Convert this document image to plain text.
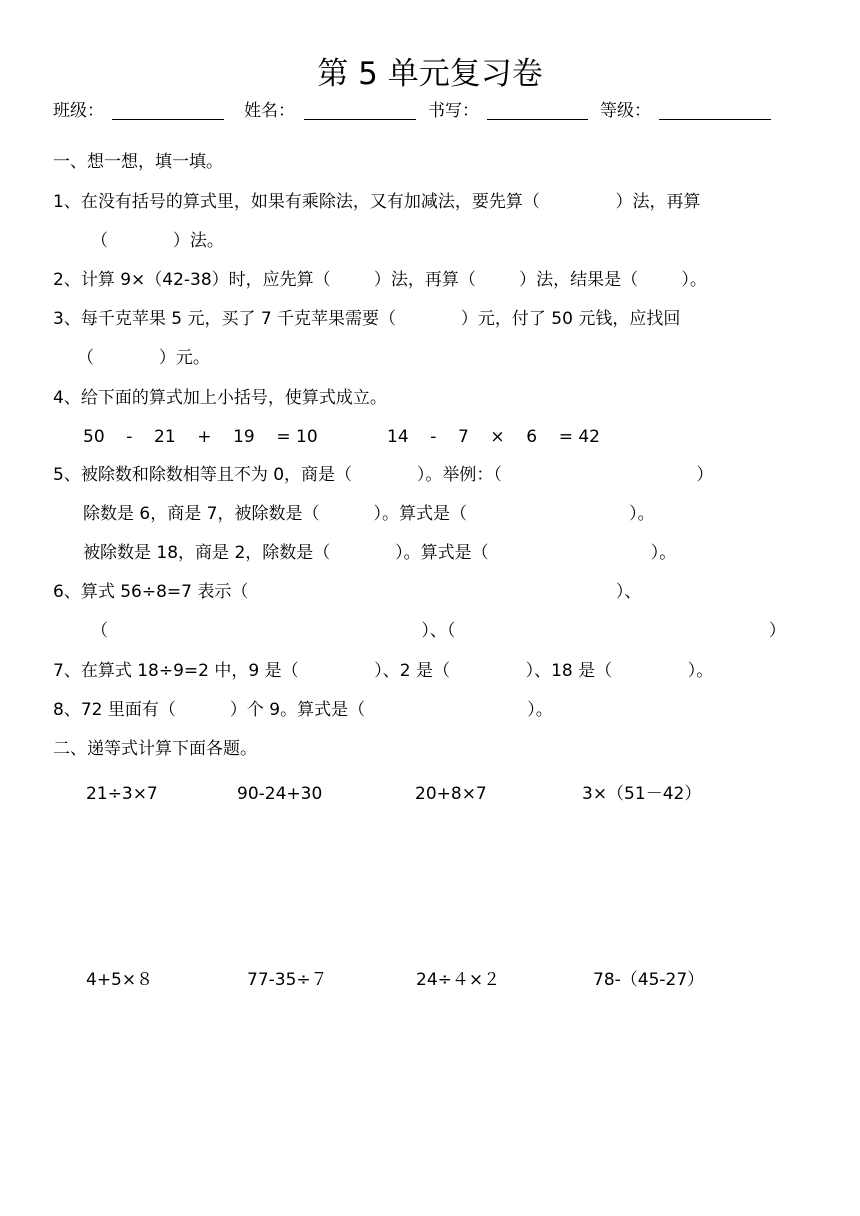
第 5 单元复习卷
班级：	姓名：	书写：	等级：
一、想一想，填一填。
1、在没有括号的算式里，如果有乘除法，又有加减法，要先算（              ）法，再算
（            ）法。
2、计算 9×（42-38）时，应先算（        ）法，再算（        ）法，结果是（        ）。
3、每千克苹果 5 元，买了 7 千克苹果需要（            ）元，付了 50 元钱，应找回
（            ）元。
4、给下面的算式加上小括号，使算式成立。
50    -    21    +    19    = 10	14    -    7    ×    6    = 42
5、被除数和除数相等且不为 0，商是（            ）。举例：（                                    ）
除数是 6，商是 7，被除数是（          ）。算式是（                              ）。
被除数是 18，商是 2，除数是（            ）。算式是（                              ）。
6、算式 56÷8=7 表示（                                                                    ）、
（                                                          ）、（                                                          ）
7、在算式 18÷9=2 中，9 是（              ）、2 是（              ）、18 是（              ）。
8、72 里面有（          ）个 9。算式是（                              ）。
二、递等式计算下面各题。
21÷3×7	90-24+30	20+8×7	3×（51－42）
4+5×８	77-35÷７	24÷４×２	78-（45-27）
